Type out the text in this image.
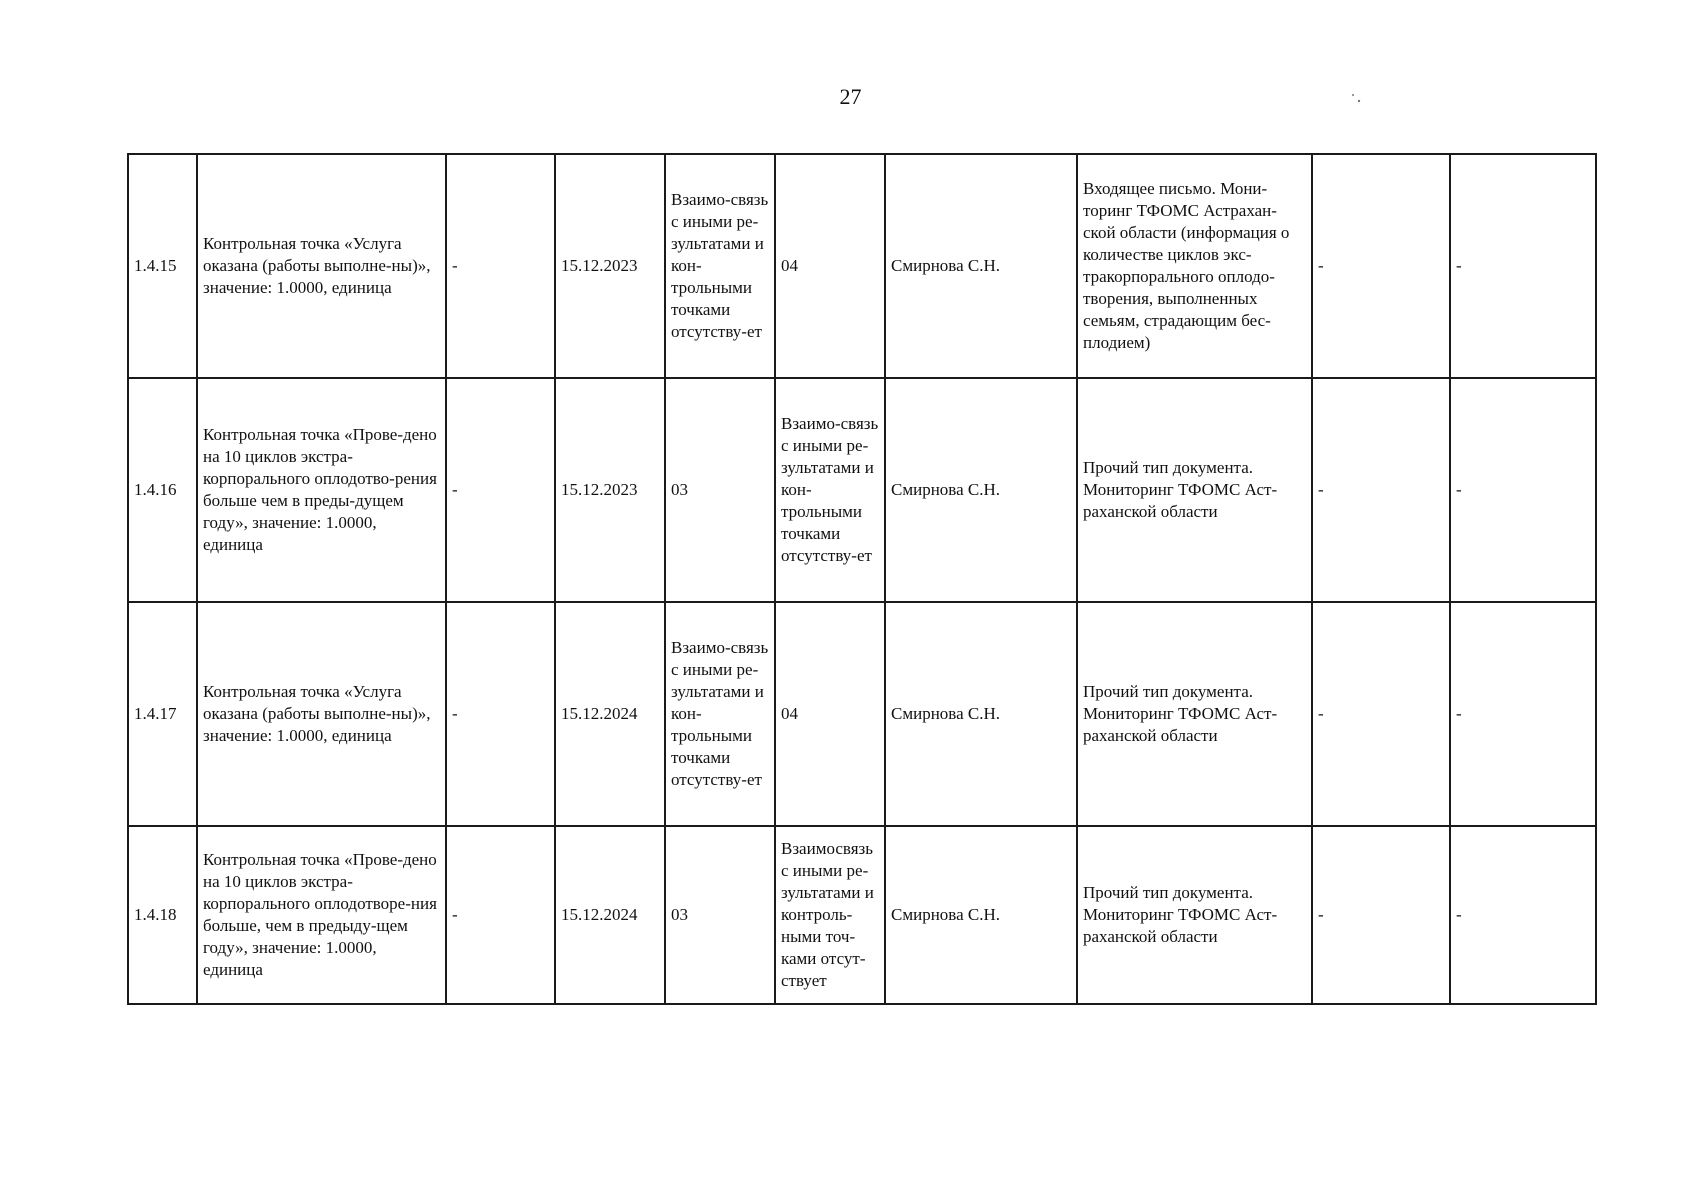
27
1.4.15	Контрольная точка «Услуга оказана (работы выполне-ны)», значение: 1.0000, единица	-	15.12.2023	Взаимо-связь с иными ре-зультатами и кон-трольными точками отсутству-ет	04	Смирнова С.Н.	Входящее письмо. Мони-торинг ТФОМС Астрахан-ской области (информация о количестве циклов экс-тракорпорального оплодо-творения, выполненных семьям, страдающим бес-плодием)	-	-
1.4.16	Контрольная точка «Прове-дено на 10 циклов экстра-корпорального оплодотво-рения больше чем в преды-дущем году», значение: 1.0000, единица	-	15.12.2023	03	Взаимо-связь с иными ре-зультатами и кон-трольными точками отсутству-ет	Смирнова С.Н.	Прочий тип документа. Мониторинг ТФОМС Аст-раханской области	-	-
1.4.17	Контрольная точка «Услуга оказана (работы выполне-ны)», значение: 1.0000, единица	-	15.12.2024	Взаимо-связь с иными ре-зультатами и кон-трольными точками отсутству-ет	04	Смирнова С.Н.	Прочий тип документа. Мониторинг ТФОМС Аст-раханской области	-	-
1.4.18	Контрольная точка «Прове-дено на 10 циклов экстра-корпорального оплодотворе-ния больше, чем в предыду-щем году», значение: 1.0000, единица	-	15.12.2024	03	Взаимосвязь с иными ре-зультатами и контроль-ными точ-ками отсут-ствует	Смирнова С.Н.	Прочий тип документа. Мониторинг ТФОМС Аст-раханской области	-	-
